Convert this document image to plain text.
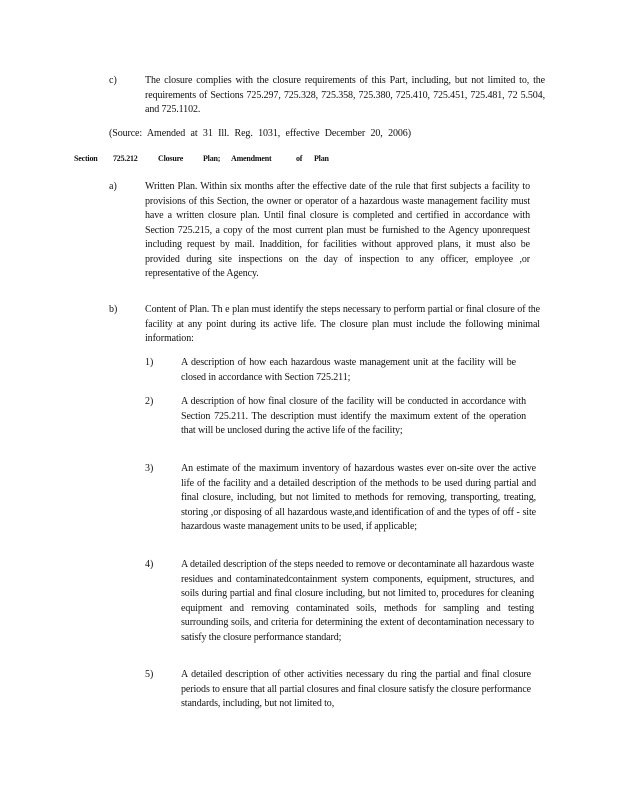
c)	The closure complies with the closure requirements of this Part, including, but not limited to, the requirements of Sections 725.297, 725.328, 725.358, 725.380, 725.410, 725.451, 725.481, 72 5.504, and 725.1102.
(Source: Amended at 31 Ill. Reg. 1031, effective December 20, 2006)
Section 725.212	Closure Plan; Amendment	of Plan
a)	Written Plan. Within six months after the effective date of the rule that first subjects a facility to provisions of this Section, the owner or operator of a hazardous waste management facility must have a written closure plan. Until final closure is completed and certified in accordance with Section 725.215, a copy of the most current plan must be furnished to the Agency uponrequest including request by mail. Inaddition, for facilities without approved plans, it must also be provided during site inspections on the day of inspection to any officer, employee ,or representative of the Agency.
b)	Content of Plan. Th e plan must identify the steps necessary to perform partial or final closure of the facility at any point during its active life. The closure plan must include the following minimal information:
1)	A description of how each hazardous waste management unit at the facility will be closed in accordance with Section 725.211;
2)	A description of how final closure of the facility will be conducted in accordance with Section 725.211. The description must identify the maximum extent of the operation that will be unclosed during the active life of the facility;
3)	An estimate of the maximum inventory of hazardous wastes ever on-site over the active life of the facility and a detailed description of the methods to be used during partial and final closure, including, but not limited to methods for removing, transporting, treating, storing ,or disposing of all hazardous waste,and identification of and the types of off - site hazardous waste management units to be used, if applicable;
4)	A detailed description of the steps needed to remove or decontaminate all hazardous waste residues and contaminatedcontainment system components, equipment, structures, and soils during partial and final closure including, but not limited to, procedures for cleaning equipment and removing contaminated soils, methods for sampling and testing surrounding soils, and criteria for determining the extent of decontamination necessary to satisfy the closure performance standard;
5)	A detailed description of other activities necessary du ring the partial and final closure periods to ensure that all partial closures and final closure satisfy the closure performance standards, including, but not limited to,
